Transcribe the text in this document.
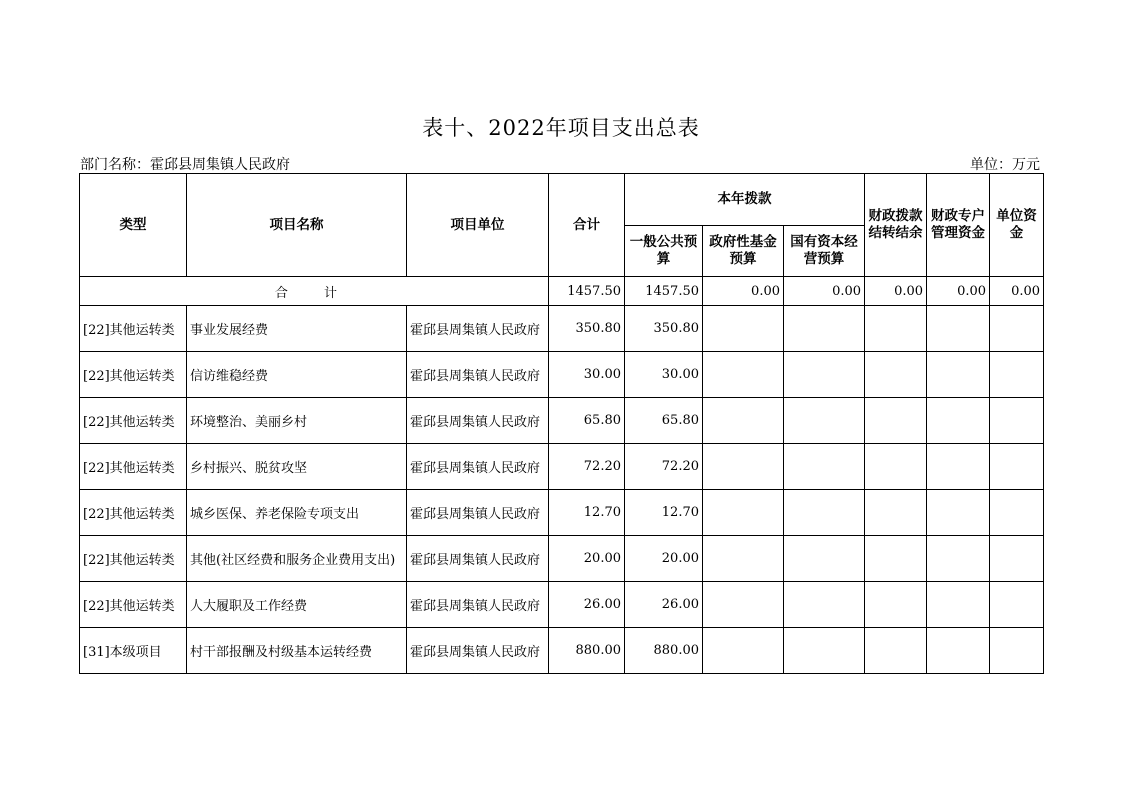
表十、2022年项目支出总表
部门名称：霍邱县周集镇人民政府	单位：万元
类型	项目名称	项目单位	合计	本年拨款			财政拨款结转结余	财政专户管理资金	单位资金
				一般公共预算	政府性基金预算	国有资本经营预算			
合 计			1457.50	1457.50	0.00	0.00	0.00	0.00	0.00
[22]其他运转类	事业发展经费	霍邱县周集镇人民政府	350.80	350.80					
[22]其他运转类	信访维稳经费	霍邱县周集镇人民政府	30.00	30.00					
[22]其他运转类	环境整治、美丽乡村	霍邱县周集镇人民政府	65.80	65.80					
[22]其他运转类	乡村振兴、脱贫攻坚	霍邱县周集镇人民政府	72.20	72.20					
[22]其他运转类	城乡医保、养老保险专项支出	霍邱县周集镇人民政府	12.70	12.70					
[22]其他运转类	其他(社区经费和服务企业费用支出)	霍邱县周集镇人民政府	20.00	20.00					
[22]其他运转类	人大履职及工作经费	霍邱县周集镇人民政府	26.00	26.00					
[31]本级项目	村干部报酬及村级基本运转经费	霍邱县周集镇人民政府	880.00	880.00					
